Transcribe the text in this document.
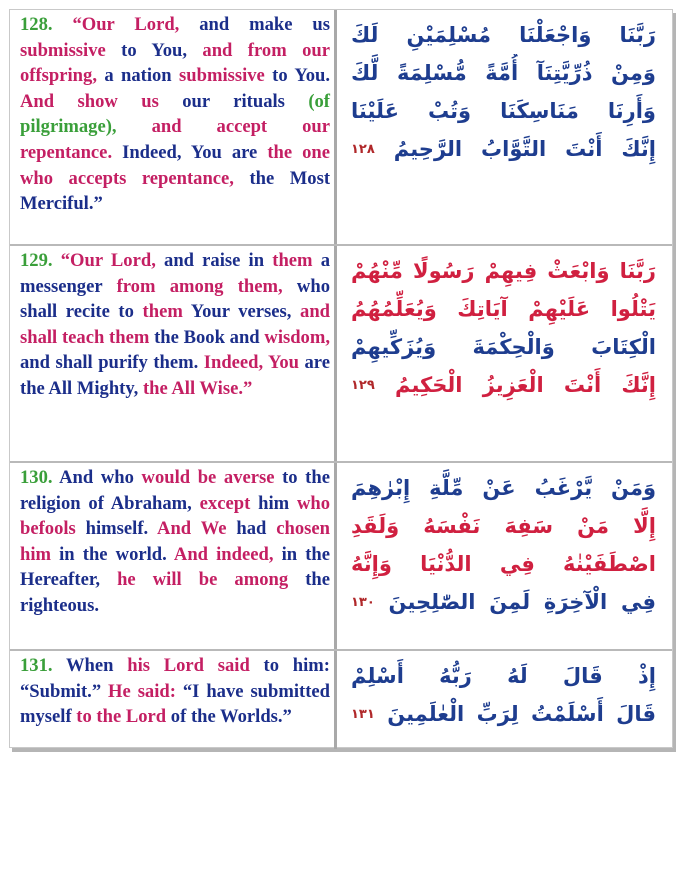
128. “Our Lord, and make us submissive to You, and from our offspring, a nation submissive to You. And show us our rituals (of pilgrimage), and accept our repentance. Indeed, You are the one who accepts repentance, the Most Merciful.”
رَبَّنَا وَاجْعَلْنَا مُسْلِمَيْنِ لَكَ
وَمِنْ ذُرِّيَّتِنَآ أُمَّةً مُّسْلِمَةً لَّكَ
وَأَرِنَا مَنَاسِكَنَا وَتُبْ عَلَيْنَا
إِنَّكَ أَنْتَ التَّوَّابُ الرَّحِيمُ ١٢٨
129. “Our Lord, and raise in them a messenger from among them, who shall recite to them Your verses, and shall teach them the Book and wisdom, and shall purify them. Indeed, You are the All Mighty, the All Wise.”
رَبَّنَا وَابْعَثْ فِيهِمْ رَسُولًا مِّنْهُمْ
يَتْلُوا عَلَيْهِمْ آيَاتِكَ وَيُعَلِّمُهُمُ
الْكِتَابَ وَالْحِكْمَةَ وَيُزَكِّيهِمْ
إِنَّكَ أَنْتَ الْعَزِيزُ الْحَكِيمُ ١٢٩
130. And who would be averse to the religion of Abraham, except him who befools himself. And We had chosen him in the world. And indeed, in the Hereafter, he will be among the righteous.
وَمَنْ يَّرْغَبُ عَنْ مِّلَّةِ إِبْرٰهِمَ
إِلَّا مَنْ سَفِهَ نَفْسَهُ وَلَقَدِ
اصْطَفَيْنٰهُ فِي الدُّنْيَا وَإِنَّهُ
فِي الْآخِرَةِ لَمِنَ الصّٰلِحِينَ ١٣٠
131. When his Lord said to him: “Submit.” He said: “I have submitted myself to the Lord of the Worlds.”
إِذْ قَالَ لَهُ رَبُّهُ أَسْلِمْ
قَالَ أَسْلَمْتُ لِرَبِّ الْعٰلَمِينَ ١٣١
